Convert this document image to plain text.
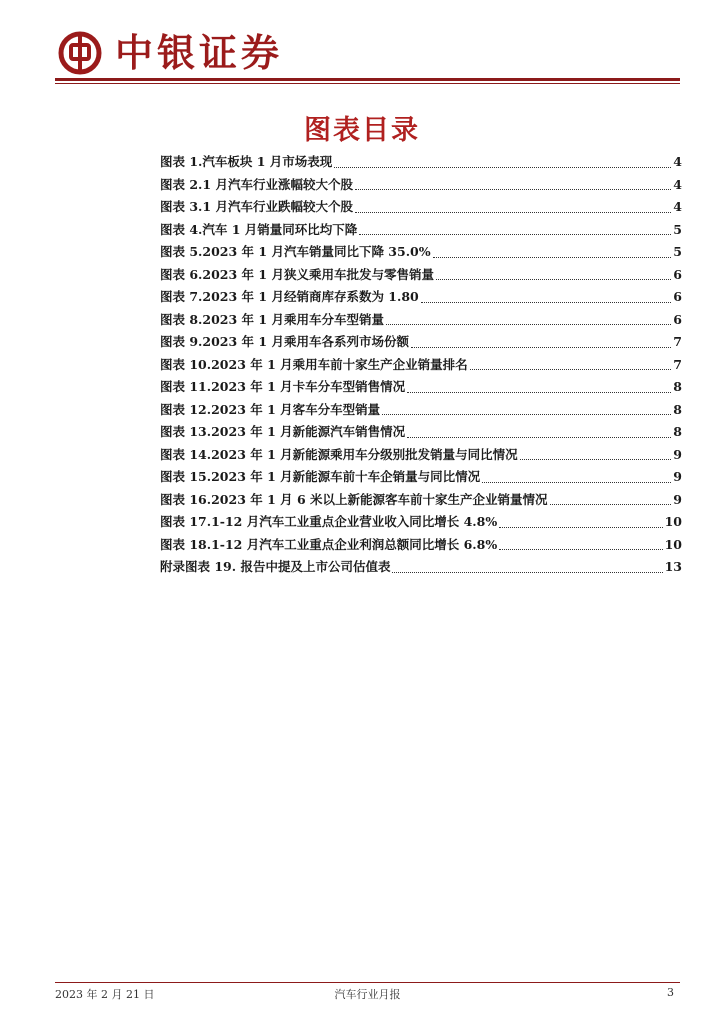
中银证券
图表目录
图表 1.汽车板块 1 月市场表现	4
图表 2.1 月汽车行业涨幅较大个股	4
图表 3.1 月汽车行业跌幅较大个股	4
图表 4.汽车 1 月销量同环比均下降	5
图表 5.2023 年 1 月汽车销量同比下降 35.0%	5
图表 6.2023 年 1 月狭义乘用车批发与零售销量	6
图表 7.2023 年 1 月经销商库存系数为 1.80	6
图表 8.2023 年 1 月乘用车分车型销量	6
图表 9.2023 年 1 月乘用车各系列市场份额	7
图表 10.2023 年 1 月乘用车前十家生产企业销量排名	7
图表 11.2023 年 1 月卡车分车型销售情况	8
图表 12.2023 年 1 月客车分车型销量	8
图表 13.2023 年 1 月新能源汽车销售情况	8
图表 14.2023 年 1 月新能源乘用车分级别批发销量与同比情况	9
图表 15.2023 年 1 月新能源车前十车企销量与同比情况	9
图表 16.2023 年 1 月 6 米以上新能源客车前十家生产企业销量情况	9
图表 17.1-12 月汽车工业重点企业营业收入同比增长 4.8%	10
图表 18.1-12 月汽车工业重点企业利润总额同比增长 6.8%	10
附录图表 19. 报告中提及上市公司估值表	13
2023 年 2 月 21 日	汽车行业月报	3
